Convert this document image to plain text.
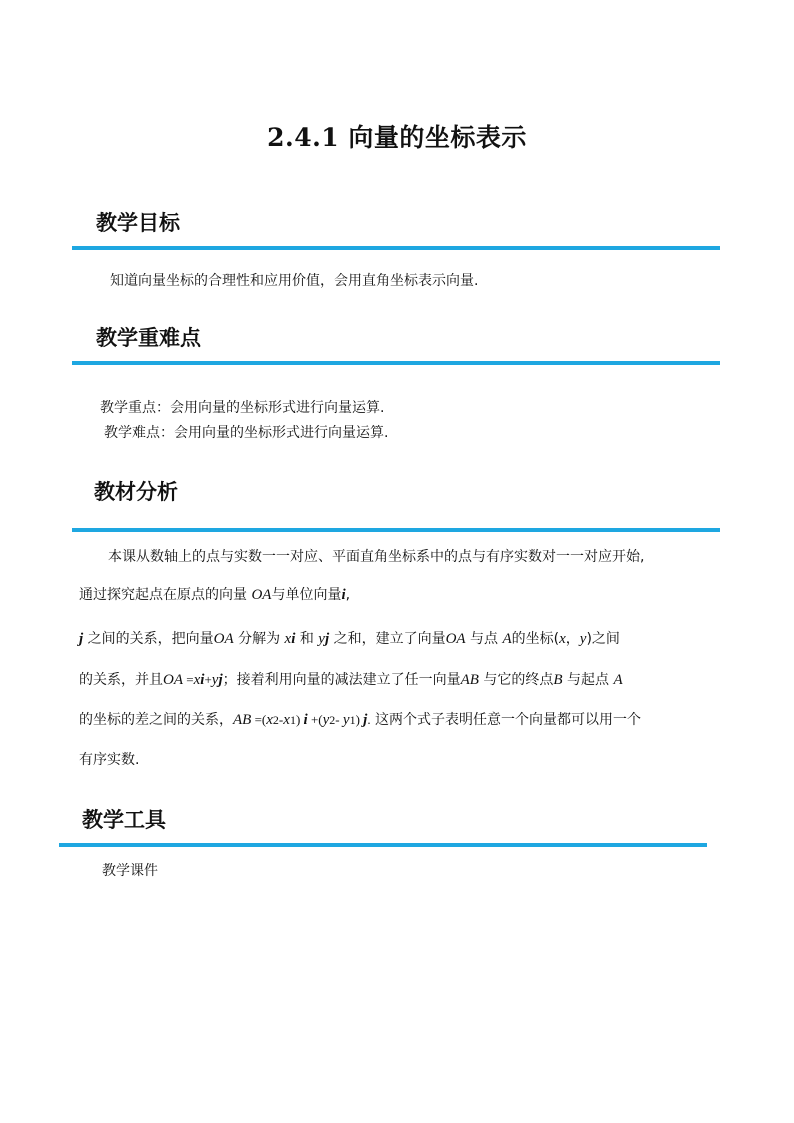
2.4.1 向量的坐标表示
教学目标
知道向量坐标的合理性和应用价值，会用直角坐标表示向量.
教学重难点
教学重点：会用向量的坐标形式进行向量运算.
教学难点：会用向量的坐标形式进行向量运算.
教材分析
本课从数轴上的点与实数一一对应、平面直角坐标系中的点与有序实数对一一对应开始,
通过探究起点在原点的向量 OA与单位向量i,
j 之间的关系，把向量OA 分解为 xi 和 yj 之和，建立了向量OA 与点 A的坐标(x，y)之间
的关系，并且OA =xi+yj；接着利用向量的减法建立了任一向量AB 与它的终点B 与起点 A
的坐标的差之间的关系，AB =(x2-x1) i +(y2- y1) j. 这两个式子表明任意一个向量都可以用一个
有序实数.
教学工具
教学课件
